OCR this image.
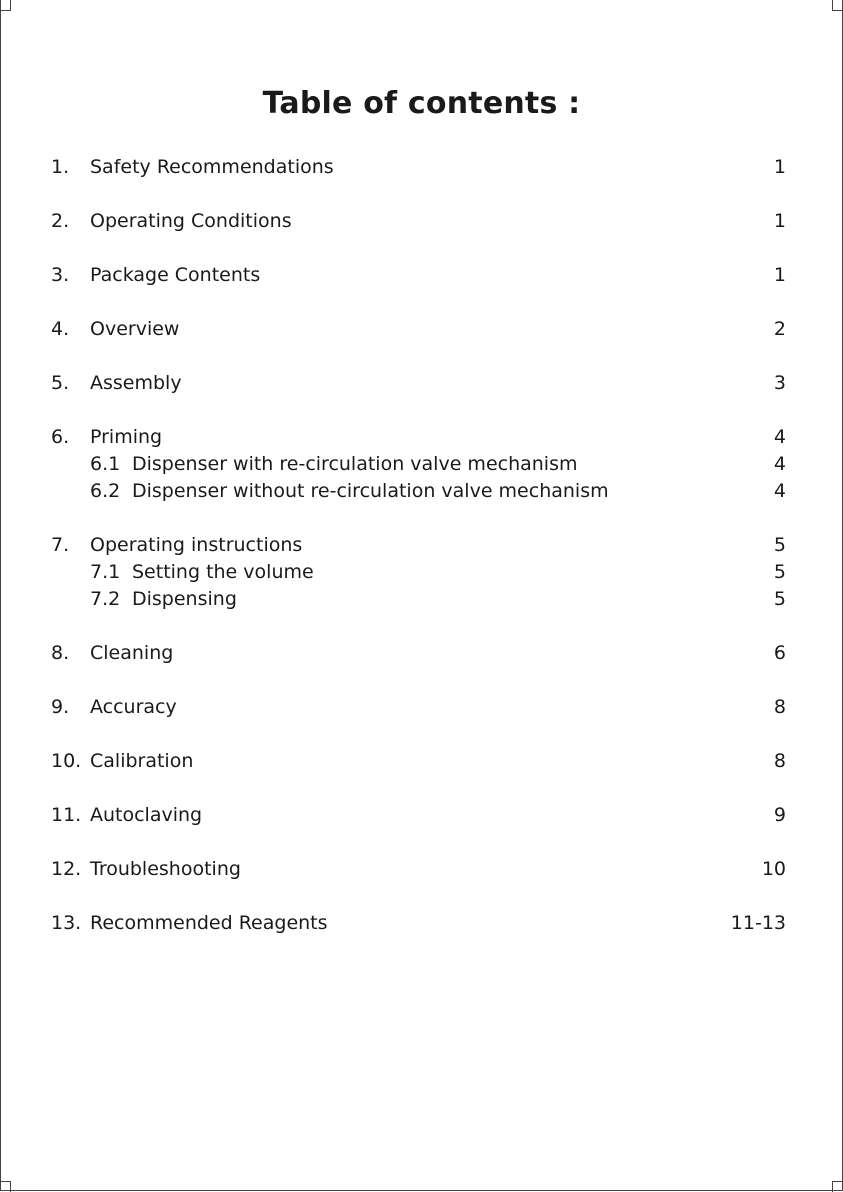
Table of contents :
1. Safety Recommendations	1
2. Operating Conditions	1
3. Package Contents	1
4. Overview	2
5. Assembly	3
6. Priming	4
6.1 Dispenser with re-circulation valve mechanism	4
6.2 Dispenser without re-circulation valve mechanism	4
7. Operating instructions	5
7.1 Setting the volume	5
7.2 Dispensing	5
8. Cleaning	6
9. Accuracy	8
10. Calibration	8
11. Autoclaving	9
12. Troubleshooting	10
13. Recommended Reagents	11-13
